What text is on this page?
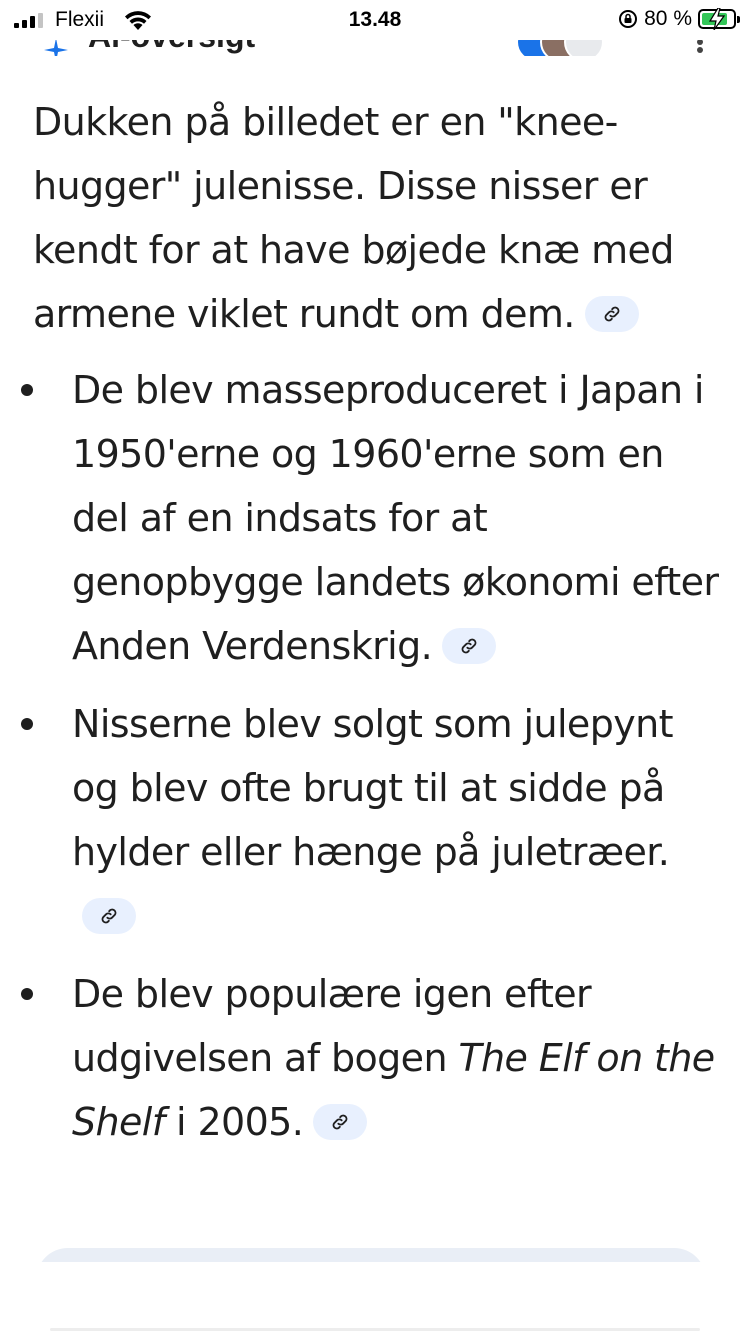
Flexii	13.48	80 %

Dukken på billedet er en "knee-hugger" julenisse. Disse nisser er kendt for at have bøjede knæ med armene viklet rundt om dem.

De blev masseproduceret i Japan i 1950'erne og 1960'erne som en del af en indsats for at genopbygge landets økonomi efter Anden Verdenskrig.

Nisserne blev solgt som julepynt og blev ofte brugt til at sidde på hylder eller hænge på juletræer.

De blev populære igen efter udgivelsen af bogen The Elf on the Shelf i 2005.
